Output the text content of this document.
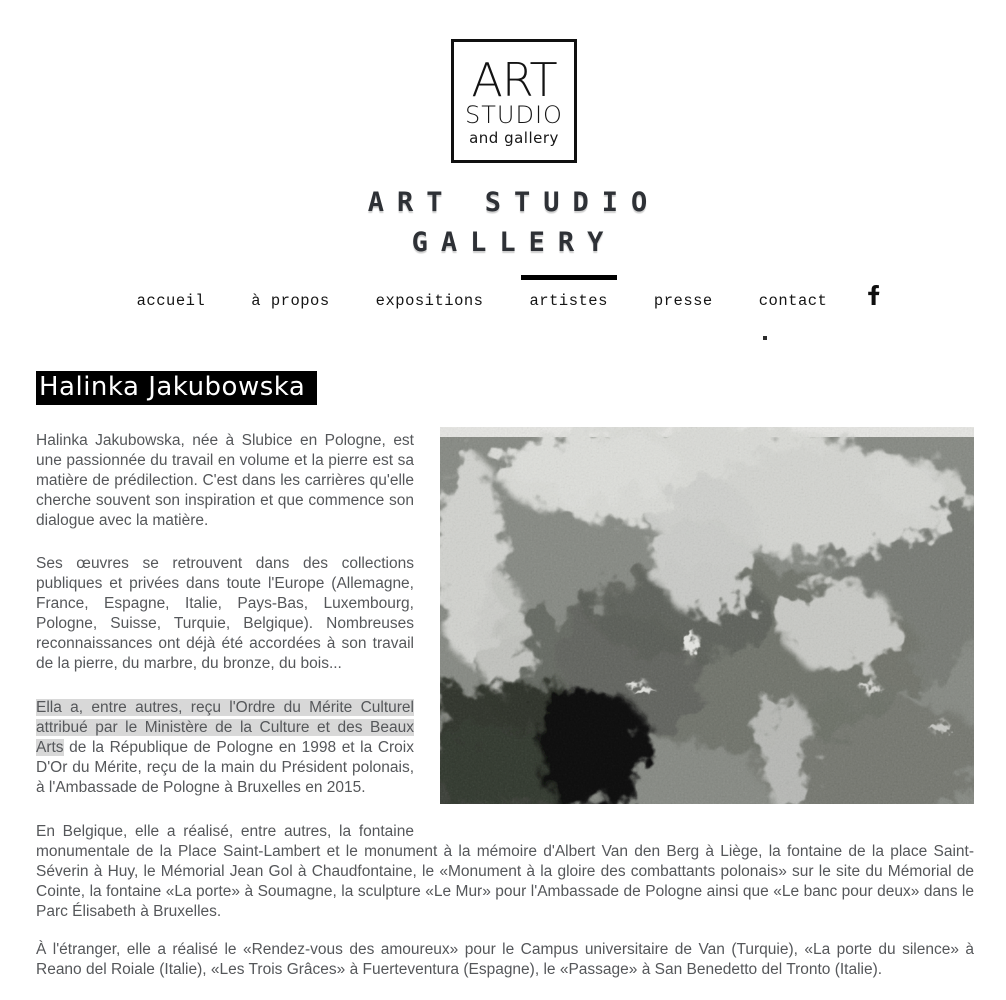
ART
STUDIO
and gallery
ART STUDIO
GALLERY
accueil	à propos	expositions	artistes	presse	contact
Halinka Jakubowska

Halinka Jakubowska, née à Slubice en Pologne, est une passionnée du travail en volume et la pierre est sa matière de prédilection. C'est dans les carrières qu'elle cherche souvent son inspiration et que commence son dialogue avec la matière.

Ses œuvres se retrouvent dans des collections publiques et privées dans toute l'Europe (Allemagne, France, Espagne, Italie, Pays-Bas, Luxembourg, Pologne, Suisse, Turquie, Belgique). Nombreuses reconnaissances ont déjà été accordées à son travail de la pierre, du marbre, du bronze, du bois...

Ella a, entre autres, reçu l'Ordre du Mérite Culturel attribué par le Ministère de la Culture et des Beaux Arts de la République de Pologne en 1998 et la Croix D'Or du Mérite, reçu de la main du Président polonais, à l'Ambassade de Pologne à Bruxelles en 2015.

En Belgique, elle a réalisé, entre autres, la fontaine monumentale de la Place Saint-Lambert et le monument à la mémoire d'Albert Van den Berg à Liège, la fontaine de la place Saint-Séverin à Huy, le Mémorial Jean Gol à Chaudfontaine, le «Monument à la gloire des combattants polonais» sur le site du Mémorial de Cointe, la fontaine «La porte» à Soumagne, la sculpture «Le Mur» pour l'Ambassade de Pologne ainsi que «Le banc pour deux» dans le Parc Élisabeth à Bruxelles.

À l'étranger, elle a réalisé le «Rendez-vous des amoureux» pour le Campus universitaire de Van (Turquie), «La porte du silence» à Reano del Roiale (Italie), «Les Trois Grâces» à Fuerteventura (Espagne), le «Passage» à San Benedetto del Tronto (Italie).
